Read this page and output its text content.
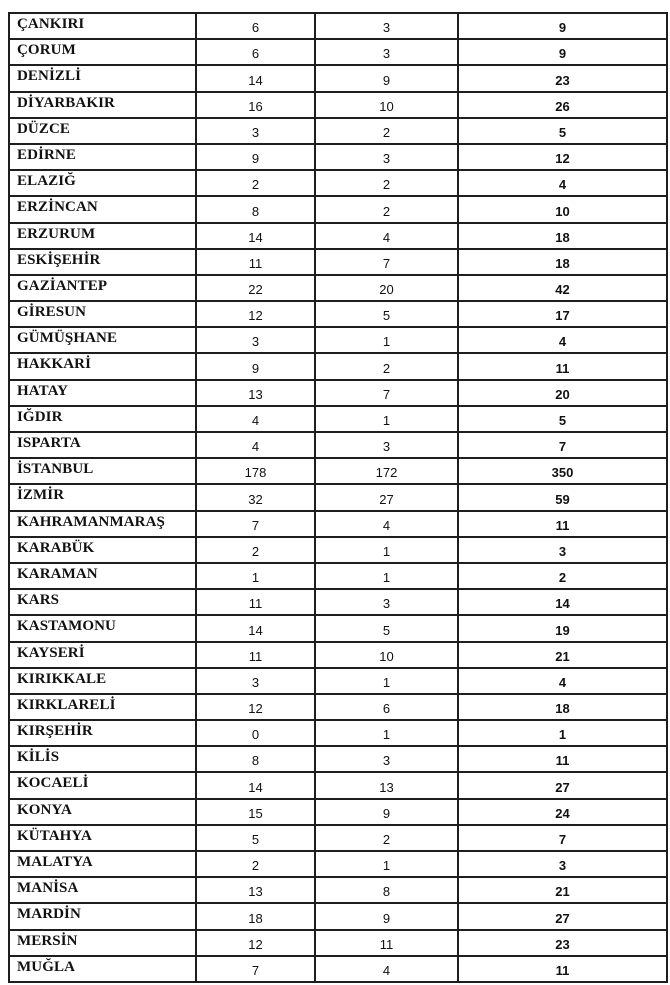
ÇANKIRI	6	3	9
ÇORUM	6	3	9
DENİZLİ	14	9	23
DİYARBAKIR	16	10	26
DÜZCE	3	2	5
EDİRNE	9	3	12
ELAZIĞ	2	2	4
ERZİNCAN	8	2	10
ERZURUM	14	4	18
ESKİŞEHİR	11	7	18
GAZİANTEP	22	20	42
GİRESUN	12	5	17
GÜMÜŞHANE	3	1	4
HAKKARİ	9	2	11
HATAY	13	7	20
IĞDIR	4	1	5
ISPARTA	4	3	7
İSTANBUL	178	172	350
İZMİR	32	27	59
KAHRAMANMARAŞ	7	4	11
KARABÜK	2	1	3
KARAMAN	1	1	2
KARS	11	3	14
KASTAMONU	14	5	19
KAYSERİ	11	10	21
KIRIKKALE	3	1	4
KIRKLARELİ	12	6	18
KIRŞEHİR	0	1	1
KİLİS	8	3	11
KOCAELİ	14	13	27
KONYA	15	9	24
KÜTAHYA	5	2	7
MALATYA	2	1	3
MANİSA	13	8	21
MARDİN	18	9	27
MERSİN	12	11	23
MUĞLA	7	4	11
